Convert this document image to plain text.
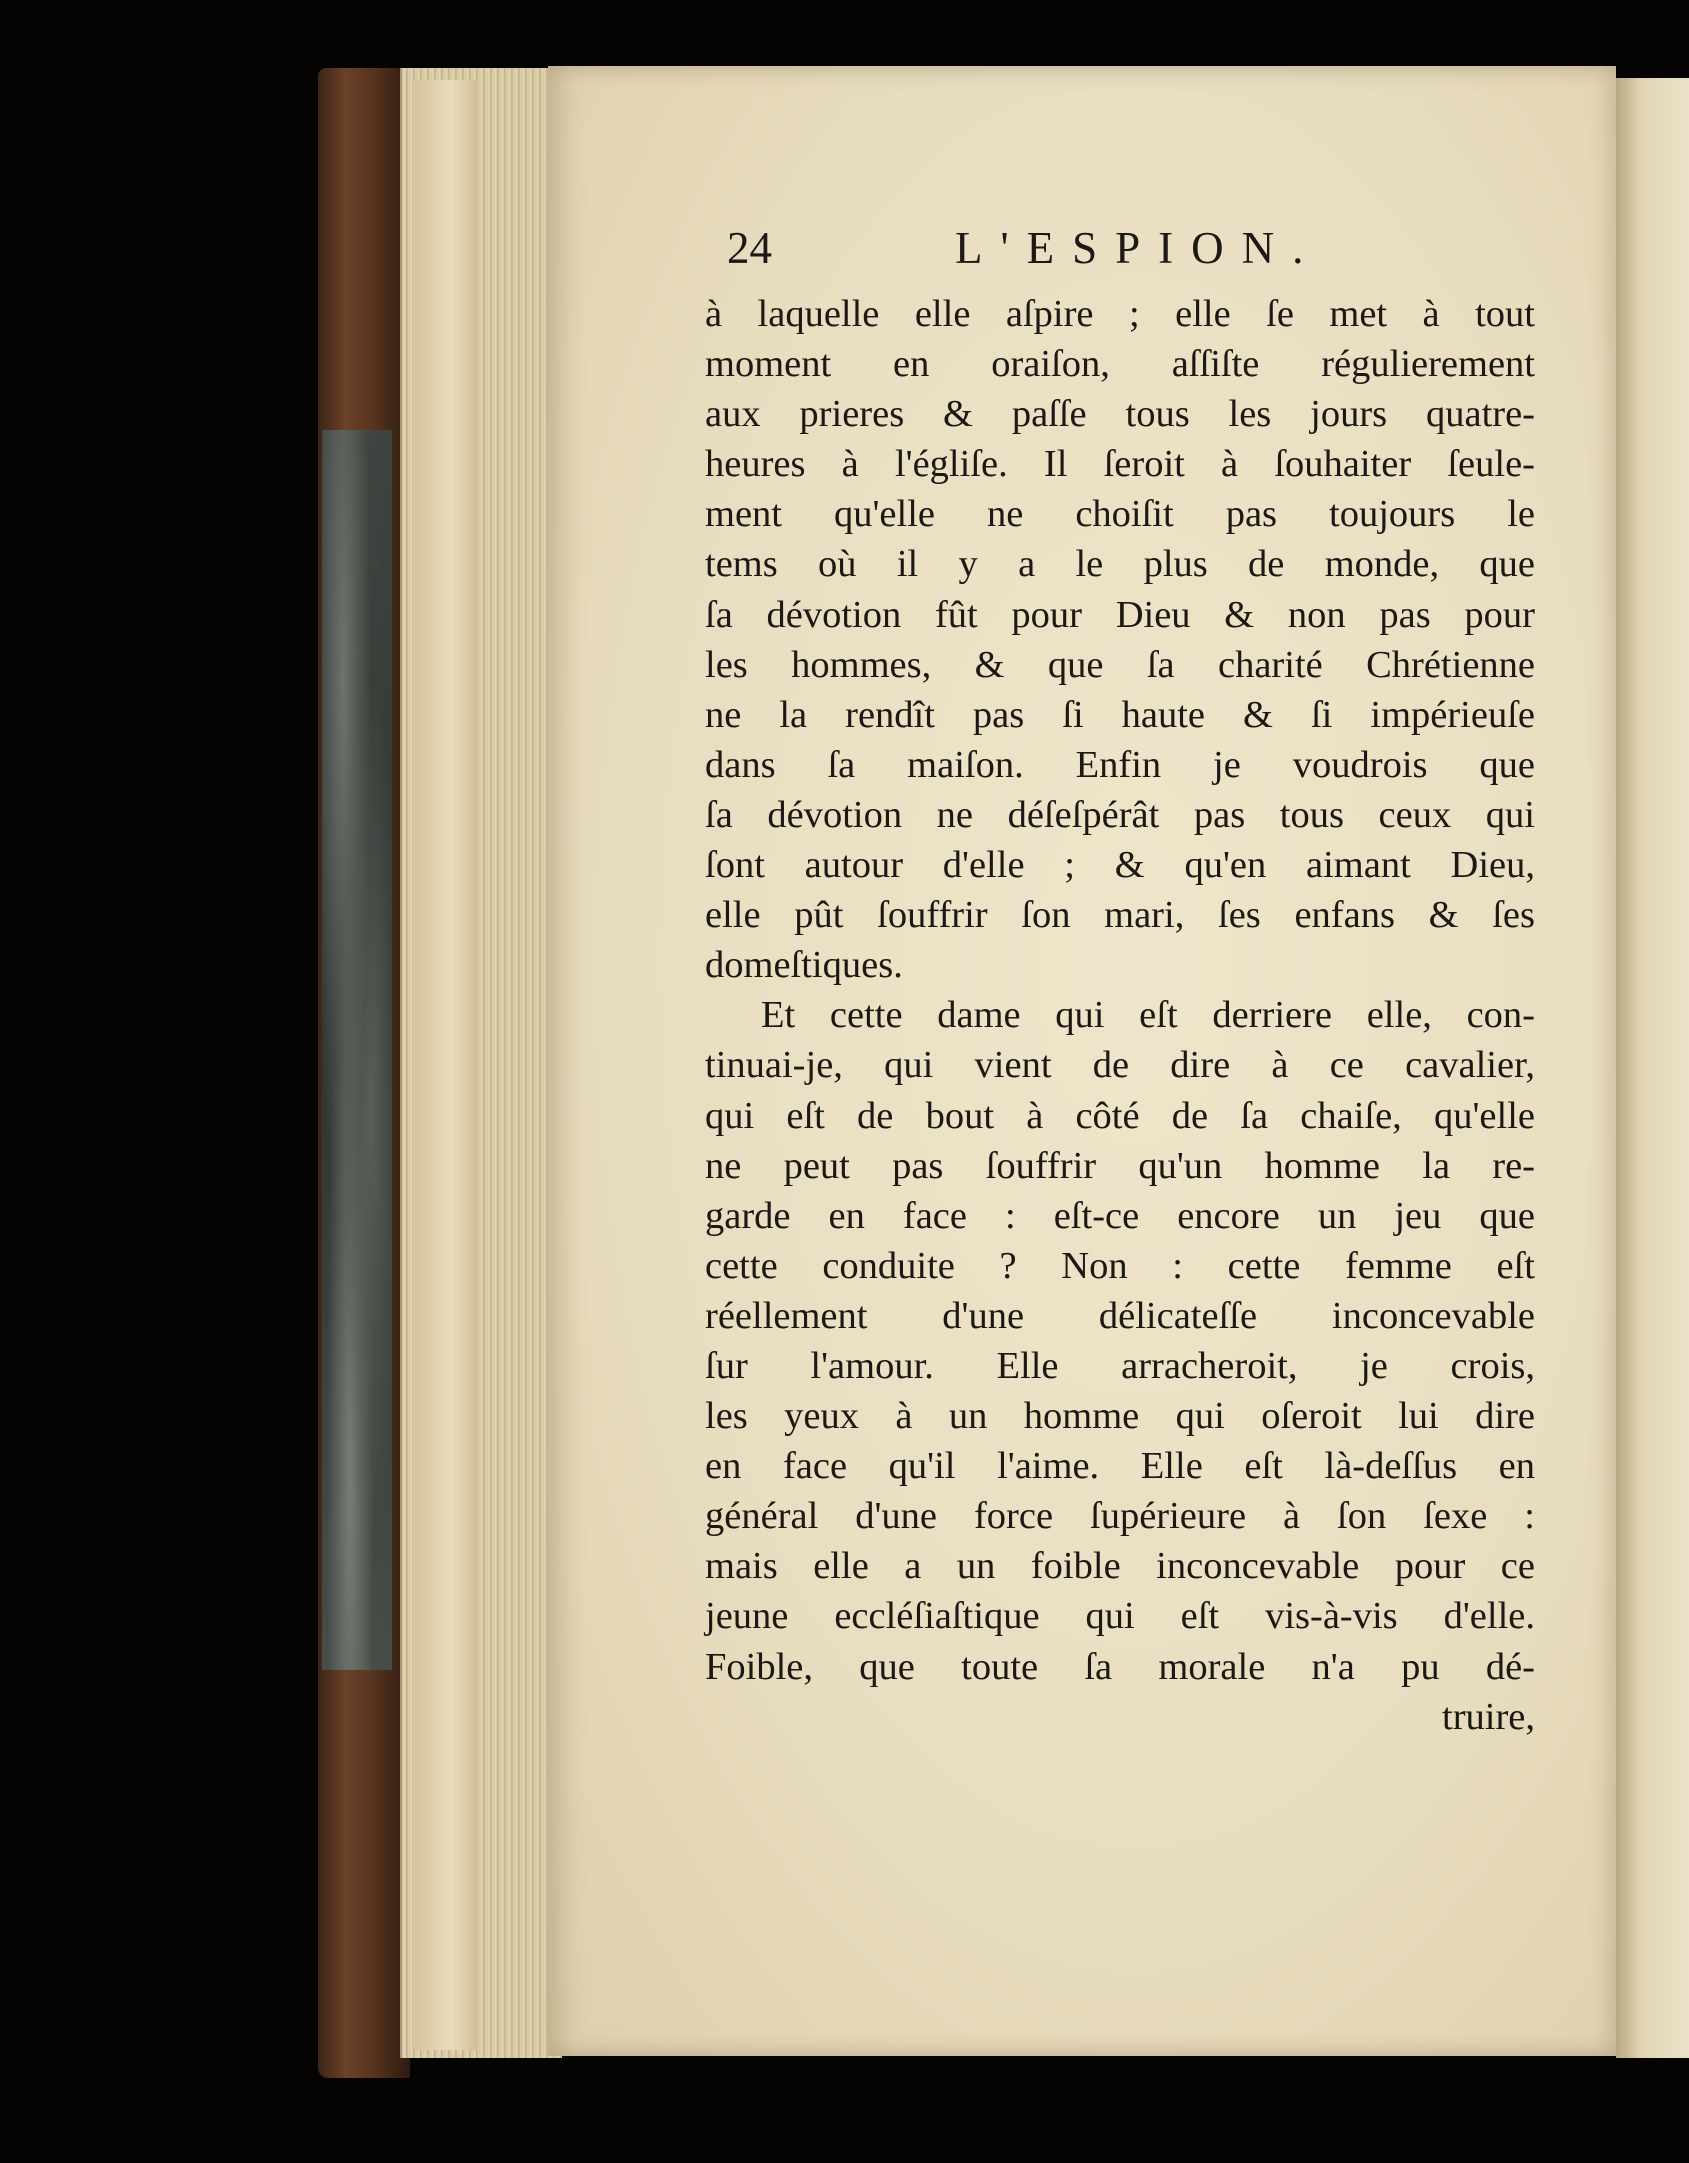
24	L'ESPION.
à laquelle elle aſpire ; elle ſe met à tout
moment en oraiſon, aſſiſte régulierement
aux prieres & paſſe tous les jours quatre-
heures à l'égliſe. Il ſeroit à ſouhaiter ſeule-
ment qu'elle ne choiſit pas toujours le
tems où il y a le plus de monde, que
ſa dévotion fût pour Dieu & non pas pour
les hommes, & que ſa charité Chrétienne
ne la rendît pas ſi haute & ſi impérieuſe
dans ſa maiſon. Enfin je voudrois que
ſa dévotion ne déſeſpérât pas tous ceux qui
ſont autour d'elle ; & qu'en aimant Dieu,
elle pût ſouffrir ſon mari, ſes enfans & ſes
domeſtiques.
Et cette dame qui eſt derriere elle, con-
tinuai-je, qui vient de dire à ce cavalier,
qui eſt de bout à côté de ſa chaiſe, qu'elle
ne peut pas ſouffrir qu'un homme la re-
garde en face : eſt-ce encore un jeu que
cette conduite ? Non : cette femme eſt
réellement d'une délicateſſe inconcevable
ſur l'amour. Elle arracheroit, je crois,
les yeux à un homme qui oſeroit lui dire
en face qu'il l'aime. Elle eſt là-deſſus en
général d'une force ſupérieure à ſon ſexe :
mais elle a un foible inconcevable pour ce
jeune eccléſiaſtique qui eſt vis-à-vis d'elle.
Foible, que toute ſa morale n'a pu dé-
truire,
